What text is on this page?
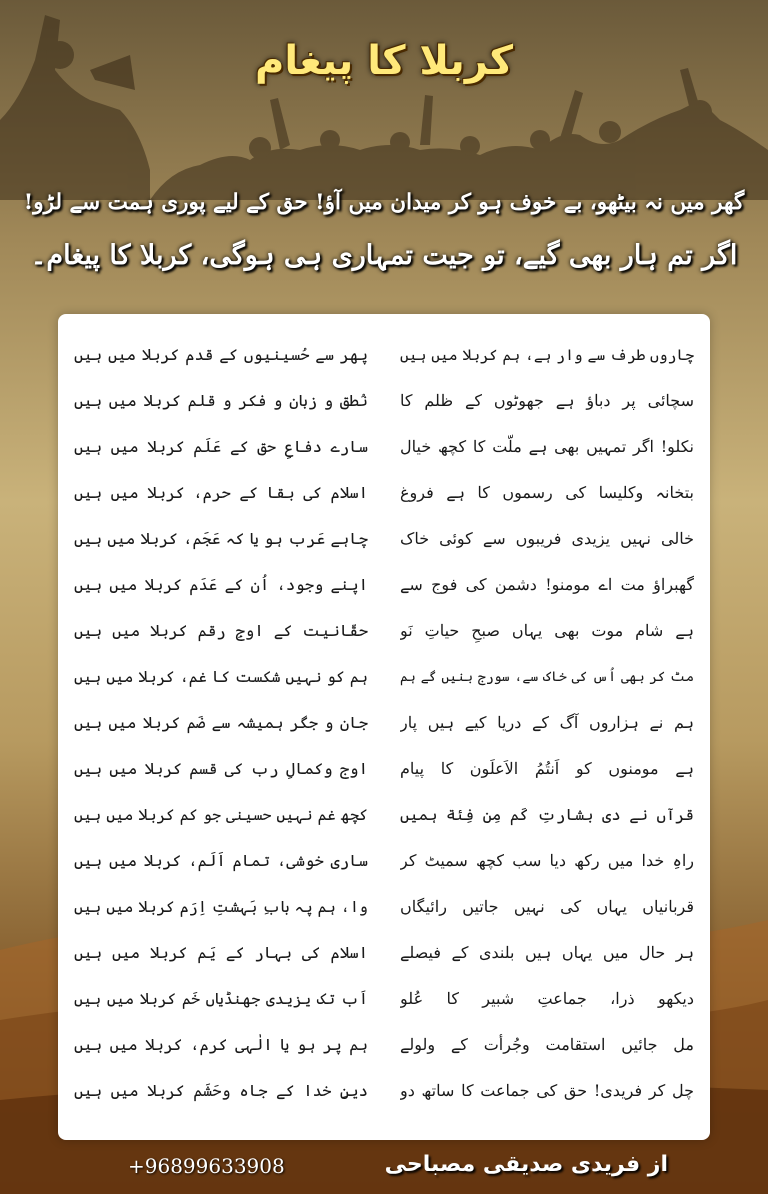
کربلا کا پیغام
گھر میں نہ بیٹھو، بے خوف ہو کر میدان میں آؤ! حق کے لیے پوری ہمت سے لڑو!
اگر تم ہار بھی گیے، تو جیت تمہاری ہی ہوگی، کربلا کا پیغام۔
چاروں طرف سے وار ہے، ہم کربلا میں ہیں
سچائی پر دباؤ ہے جھوٹوں کے ظلم کا
نکلو! اگر تمہیں بھی ہے ملّت کا کچھ خیال
بتخانہ وکلیسا کی رسموں کا ہے فروغ
خالی نہیں یزیدی فریبوں سے کوئی خاک
گھبراؤ مت اے مومنو! دشمن کی فوج سے
ہے شام موت بھی یہاں صبحِ حیاتِ نَو
مٹ کر بھی اُس کی خاک سے، سورج بنیں گے ہم
ہم نے ہزاروں آگ کے دریا کیے ہیں پار
ہے مومنوں کو اَنتُمُ الاَعلَون کا پیام
قرآں نے دی بشارتِ کَم مِن فِئة ہمیں
راہِ خدا میں رکھ دیا سب کچھ سمیٹ کر
قربانیاں یہاں کی نہیں جاتیں رائیگاں
ہر حال میں یہاں ہیں بلندی کے فیصلے
دیکھو ذرا، جماعتِ شبیر کا عُلو
مل جائیں استقامت وجُرأت کے ولولے
چل کر فریدی! حق کی جماعت کا ساتھ دو
پھر سے حُسینیوں کے قدم کربلا میں ہیں
نُطق و زبان و فکر و قلم کربلا میں ہیں
سارے دفاعِ حق کے عَلَم کربلا میں ہیں
اسلام کی بقا کے حرم، کربلا میں ہیں
چاہے عَرب ہو یا کہ عَجَم، کربلا میں ہیں
اپنے وجود، اُن کے عَدَم کربلا میں ہیں
حقّانیت کے اوجِ رقم کربلا میں ہیں
ہم کو نہیں شکست کا غم، کربلا میں ہیں
جان و جگر ہمیشہ سے ضَم کربلا میں ہیں
اوج وکمالِ رب کی قسم کربلا میں ہیں
کچھ غم نہیں حسینی جو کم کربلا میں ہیں
ساری خوشی، تمام اَلَم، کربلا میں ہیں
وا، ہم پہ بابِ بَہشتِ اِرَم کربلا میں ہیں
اسلام کی بہار کے یَم کربلا میں ہیں
اَب تک یزیدی جھنڈیاں خَم کربلا میں ہیں
ہم پر ہو یا الٰہی کرم، کربلا میں ہیں
دینِ خدا کے جاہ وحَشَم کربلا میں ہیں
از فریدی صدیقی مصباحی
+96899633908
